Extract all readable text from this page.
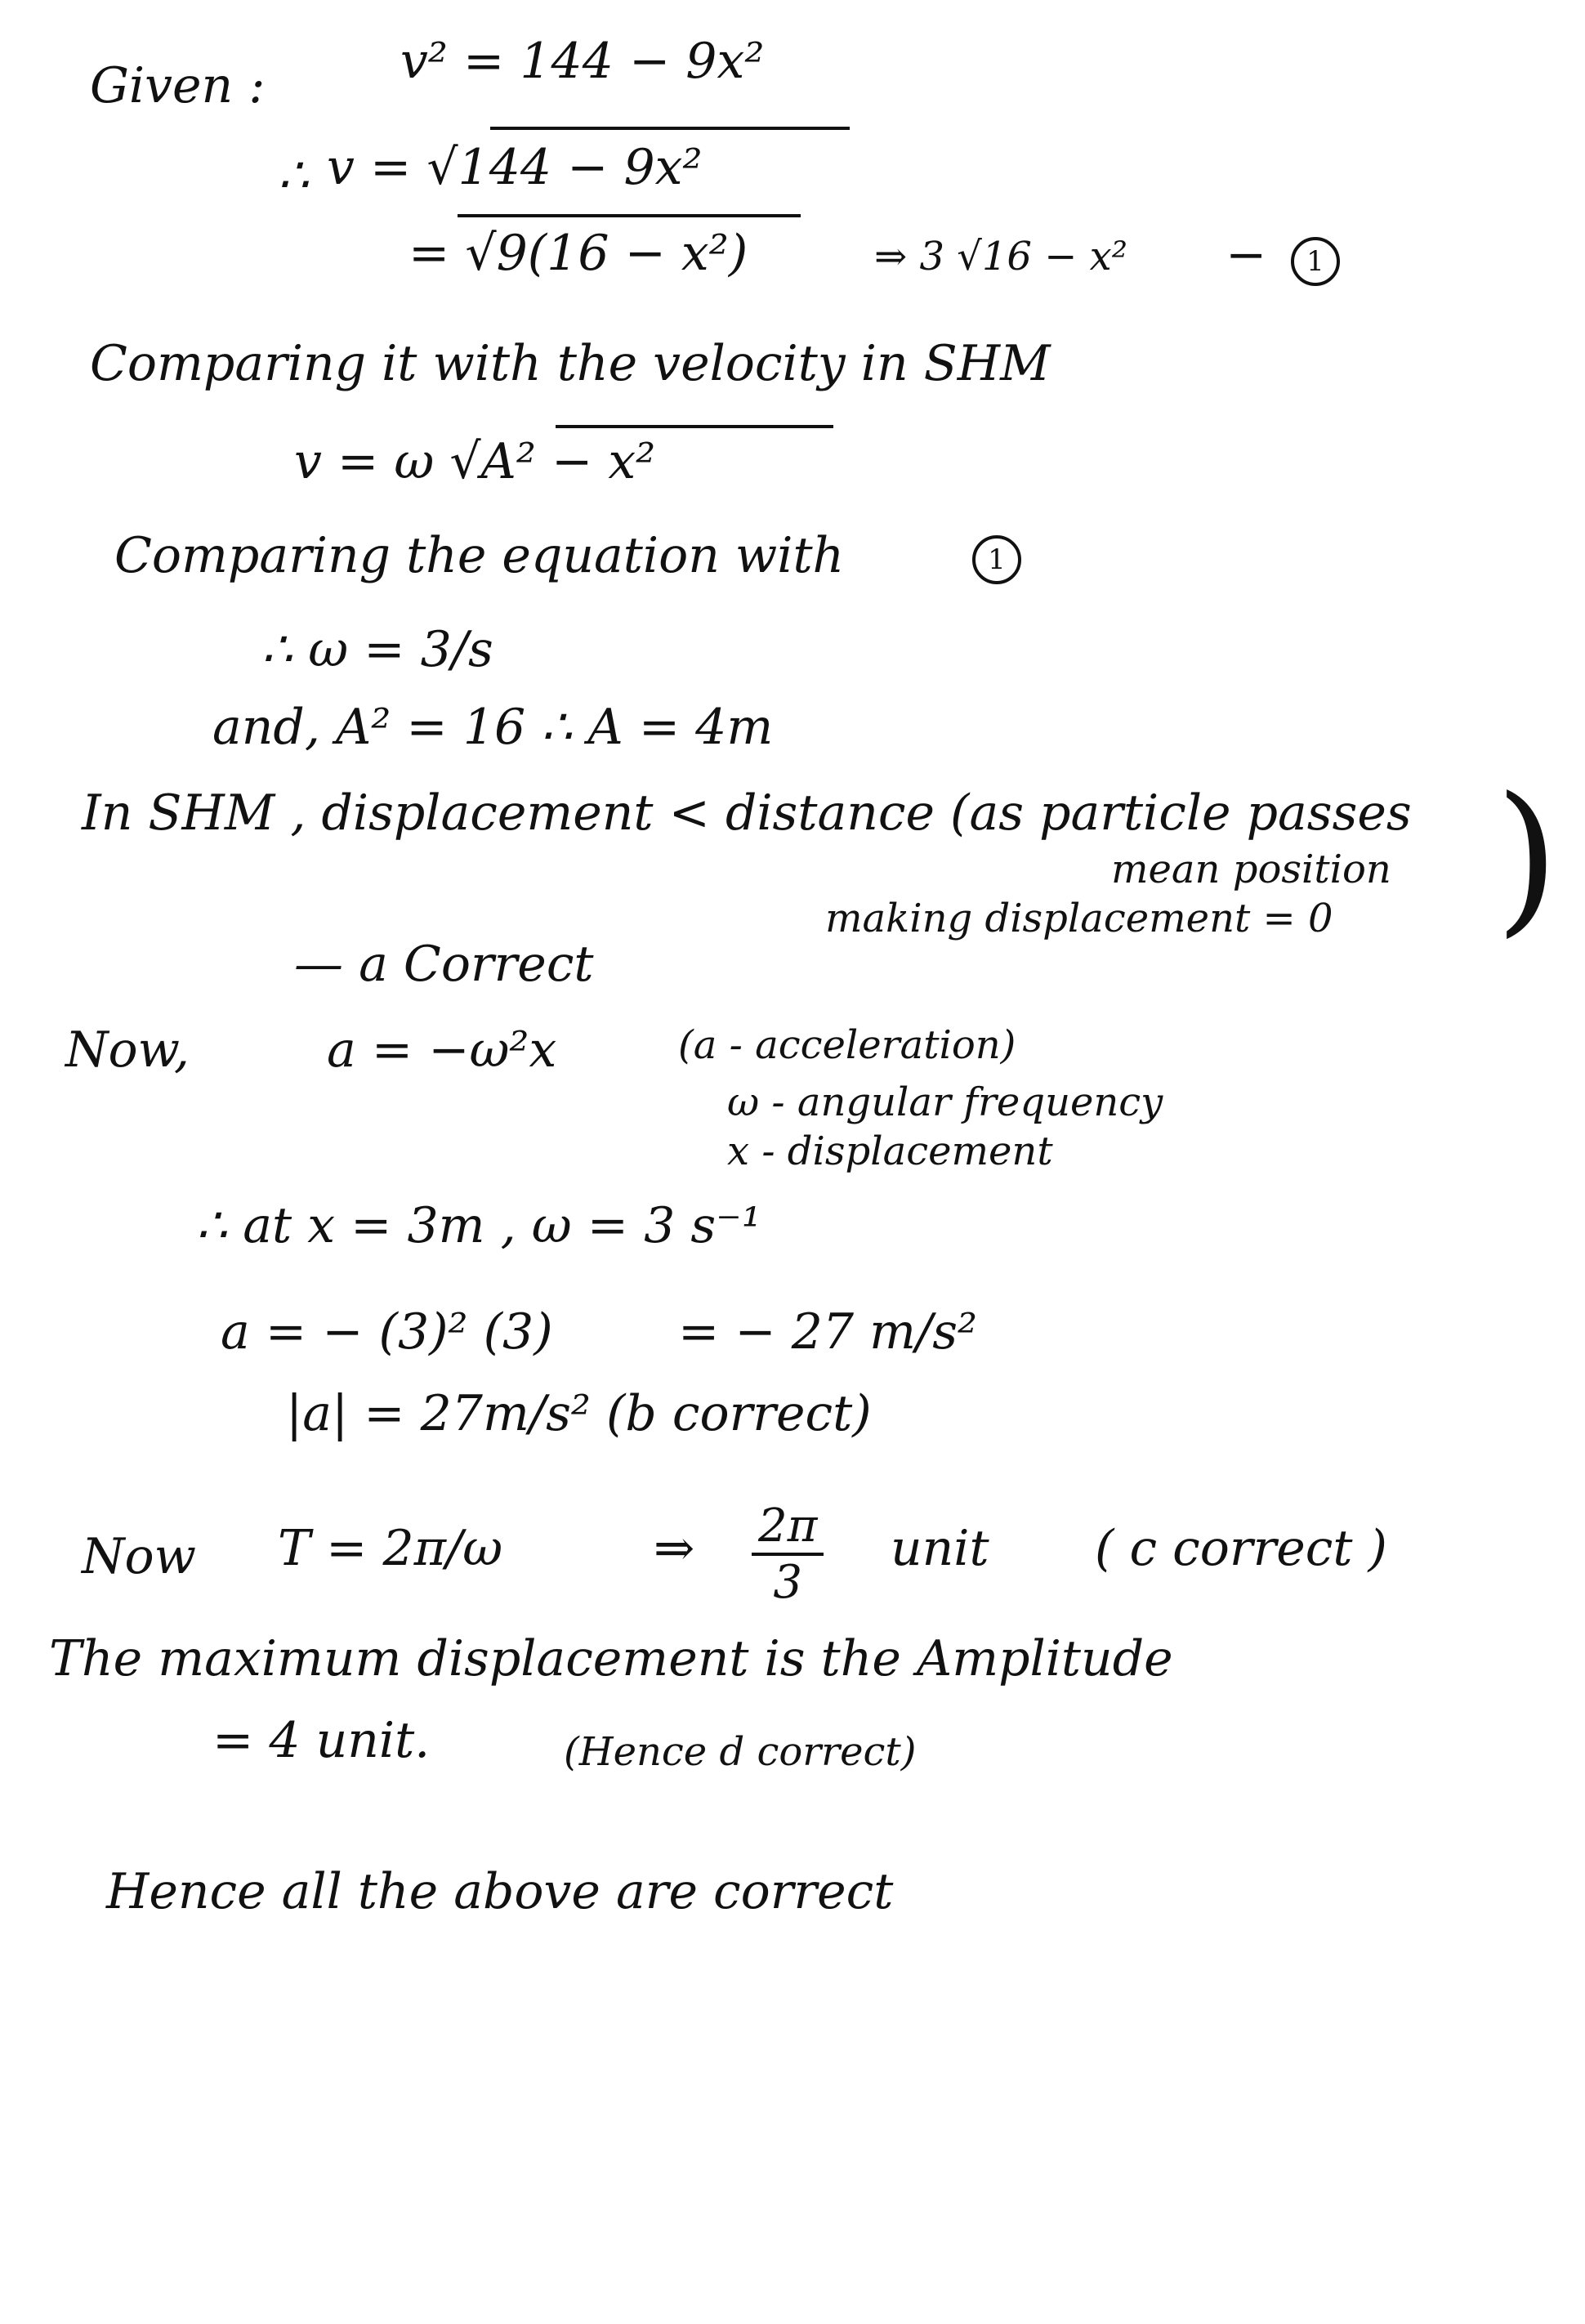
Given :	v² = 144 − 9x²
∴ v = √144 − 9x²
= √9(16 − x²)	⇒ 3 √16 − x² −	1
Comparing it with the velocity in SHM
v = ω √A² − x²
Comparing the equation with	1
∴ ω = 3/s
and, A² = 16 ∴ A = 4m
In SHM , displacement < distance (as particle passes
mean position
making displacement = 0 )
— a Correct
Now,	a = −ω²x	(a - acceleration)
ω - angular frequency
x - displacement
∴ at x = 3m , ω = 3 s⁻¹
a = − (3)² (3)	= − 27 m/s²
|a| = 27m/s² (b correct)
Now T = 2π/ω	⇒ $\frac{2\pi}{3}$ unit ( c correct )
The maximum displacement is the Amplitude
= 4 unit.	(Hence d correct)
Hence all the above are correct
